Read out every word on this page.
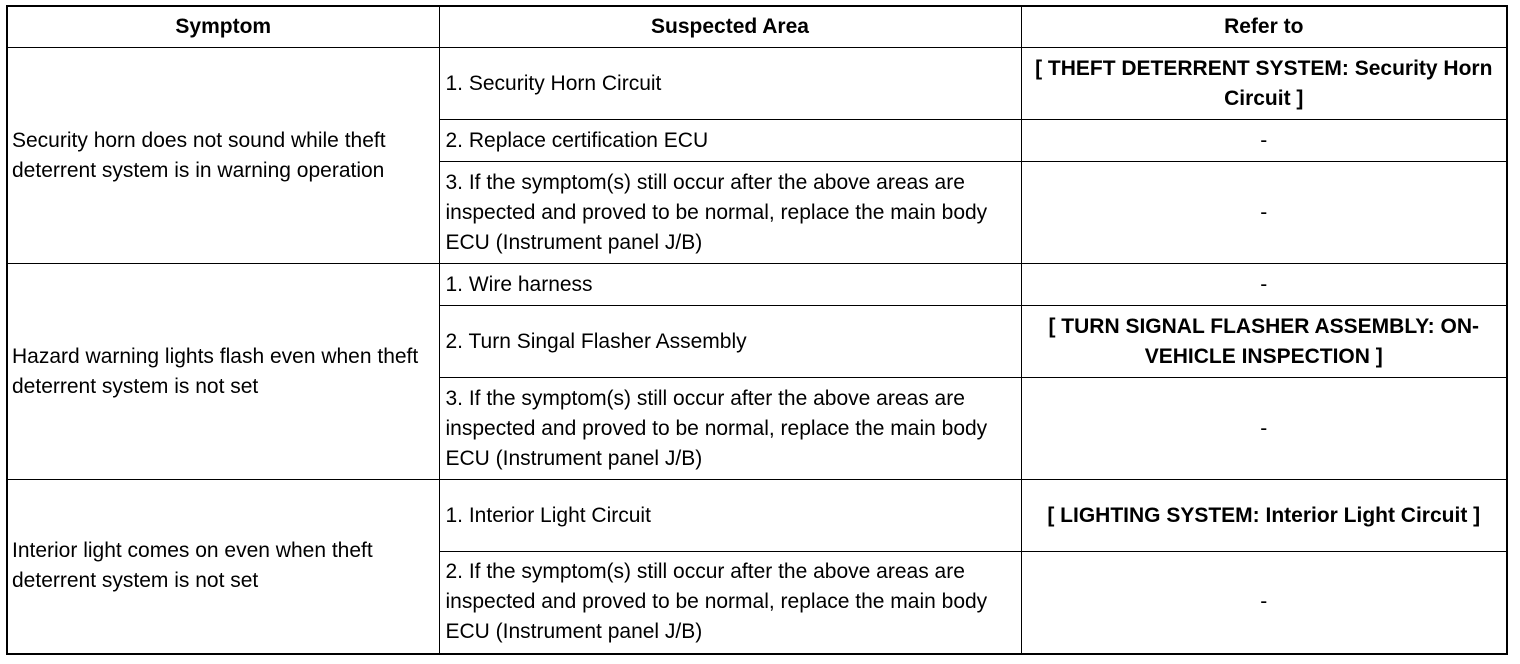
Symptom	Suspected Area	Refer to
Security horn does not sound while theft deterrent system is in warning operation	1. Security Horn Circuit	[ THEFT DETERRENT SYSTEM: Security Horn Circuit ]
	2. Replace certification ECU	-
	3. If the symptom(s) still occur after the above areas are inspected and proved to be normal, replace the main body ECU (Instrument panel J/B)	-
Hazard warning lights flash even when theft deterrent system is not set	1. Wire harness	-
	2. Turn Singal Flasher Assembly	[ TURN SIGNAL FLASHER ASSEMBLY: ON-VEHICLE INSPECTION ]
	3. If the symptom(s) still occur after the above areas are inspected and proved to be normal, replace the main body ECU (Instrument panel J/B)	-
Interior light comes on even when theft deterrent system is not set	1. Interior Light Circuit	[ LIGHTING SYSTEM: Interior Light Circuit ]
	2. If the symptom(s) still occur after the above areas are inspected and proved to be normal, replace the main body ECU (Instrument panel J/B)	-
